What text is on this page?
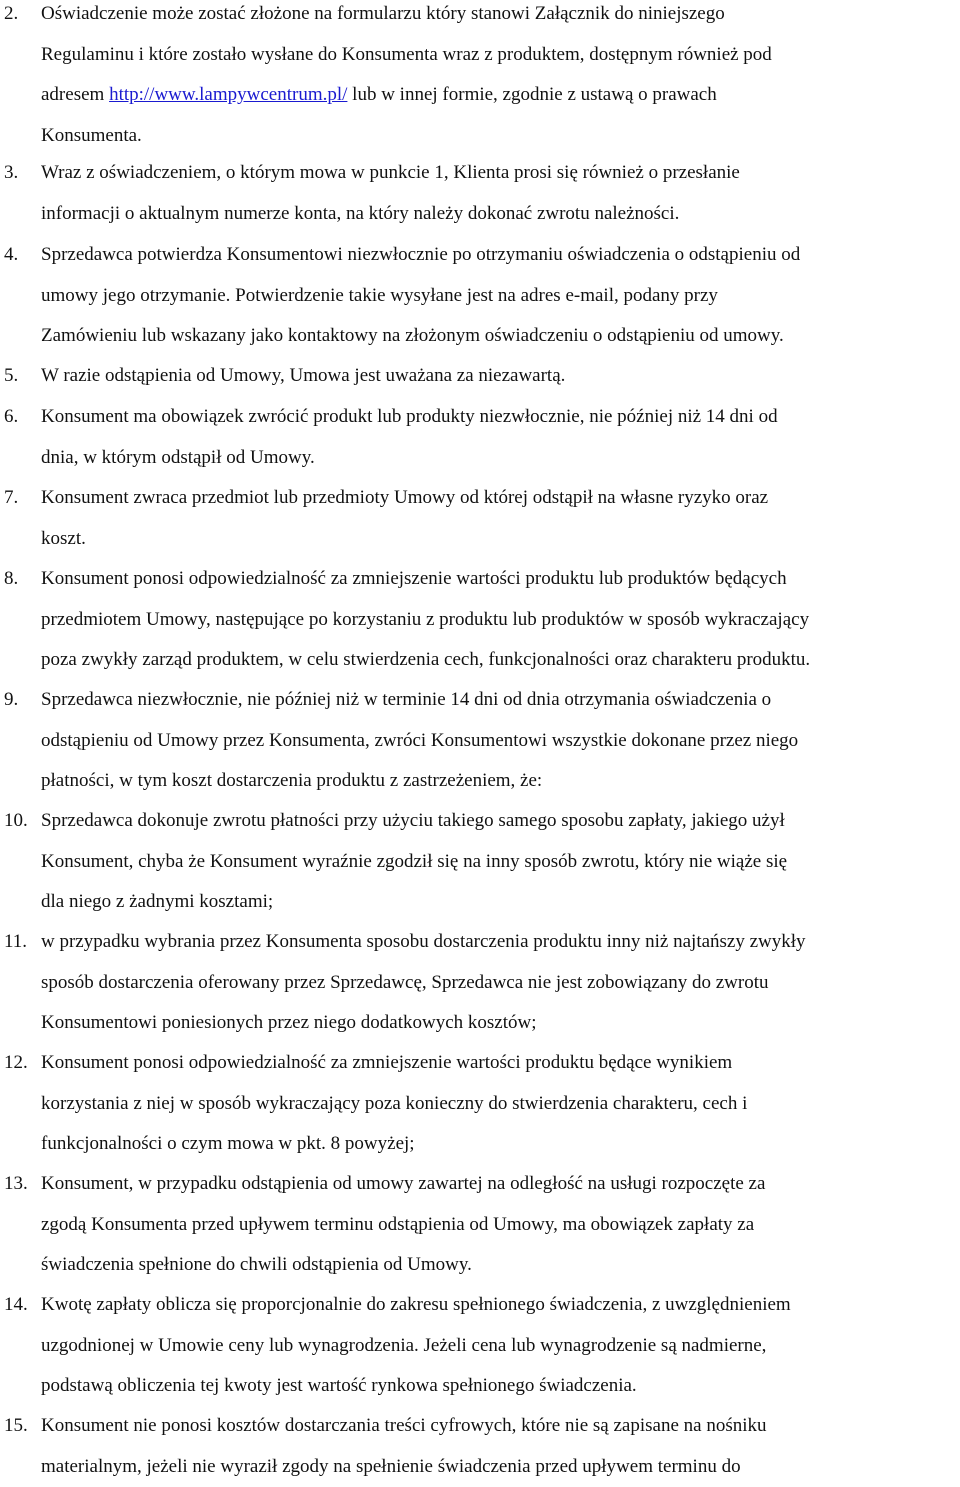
2. Oświadczenie może zostać złożone na formularzu który stanowi Załącznik do niniejszego
Regulaminu i które zostało wysłane do Konsumenta wraz z produktem, dostępnym również pod
adresem http://www.lampywcentrum.pl/ lub w innej formie, zgodnie z ustawą o prawach
Konsumenta.
3. Wraz z oświadczeniem, o którym mowa w punkcie 1, Klienta prosi się również o przesłanie
informacji o aktualnym numerze konta, na który należy dokonać zwrotu należności.
4. Sprzedawca potwierdza Konsumentowi niezwłocznie po otrzymaniu oświadczenia o odstąpieniu od
umowy jego otrzymanie. Potwierdzenie takie wysyłane jest na adres e-mail, podany przy
Zamówieniu lub wskazany jako kontaktowy na złożonym oświadczeniu o odstąpieniu od umowy.
5. W razie odstąpienia od Umowy, Umowa jest uważana za niezawartą.
6. Konsument ma obowiązek zwrócić produkt lub produkty niezwłocznie, nie później niż 14 dni od
dnia, w którym odstąpił od Umowy.
7. Konsument zwraca przedmiot lub przedmioty Umowy od której odstąpił na własne ryzyko oraz
koszt.
8. Konsument ponosi odpowiedzialność za zmniejszenie wartości produktu lub produktów będących
przedmiotem Umowy, następujące po korzystaniu z produktu lub produktów w sposób wykraczający
poza zwykły zarząd produktem, w celu stwierdzenia cech, funkcjonalności oraz charakteru produktu.
9. Sprzedawca niezwłocznie, nie później niż w terminie 14 dni od dnia otrzymania oświadczenia o
odstąpieniu od Umowy przez Konsumenta, zwróci Konsumentowi wszystkie dokonane przez niego
płatności, w tym koszt dostarczenia produktu z zastrzeżeniem, że:
10. Sprzedawca dokonuje zwrotu płatności przy użyciu takiego samego sposobu zapłaty, jakiego użył
Konsument, chyba że Konsument wyraźnie zgodził się na inny sposób zwrotu, który nie wiąże się
dla niego z żadnymi kosztami;
11. w przypadku wybrania przez Konsumenta sposobu dostarczenia produktu inny niż najtańszy zwykły
sposób dostarczenia oferowany przez Sprzedawcę, Sprzedawca nie jest zobowiązany do zwrotu
Konsumentowi poniesionych przez niego dodatkowych kosztów;
12. Konsument ponosi odpowiedzialność za zmniejszenie wartości produktu będące wynikiem
korzystania z niej w sposób wykraczający poza konieczny do stwierdzenia charakteru, cech i
funkcjonalności o czym mowa w pkt. 8 powyżej;
13. Konsument, w przypadku odstąpienia od umowy zawartej na odległość na usługi rozpoczęte za
zgodą Konsumenta przed upływem terminu odstąpienia od Umowy, ma obowiązek zapłaty za
świadczenia spełnione do chwili odstąpienia od Umowy.
14. Kwotę zapłaty oblicza się proporcjonalnie do zakresu spełnionego świadczenia, z uwzględnieniem
uzgodnionej w Umowie ceny lub wynagrodzenia. Jeżeli cena lub wynagrodzenie są nadmierne,
podstawą obliczenia tej kwoty jest wartość rynkowa spełnionego świadczenia.
15. Konsument nie ponosi kosztów dostarczania treści cyfrowych, które nie są zapisane na nośniku
materialnym, jeżeli nie wyraził zgody na spełnienie świadczenia przed upływem terminu do
